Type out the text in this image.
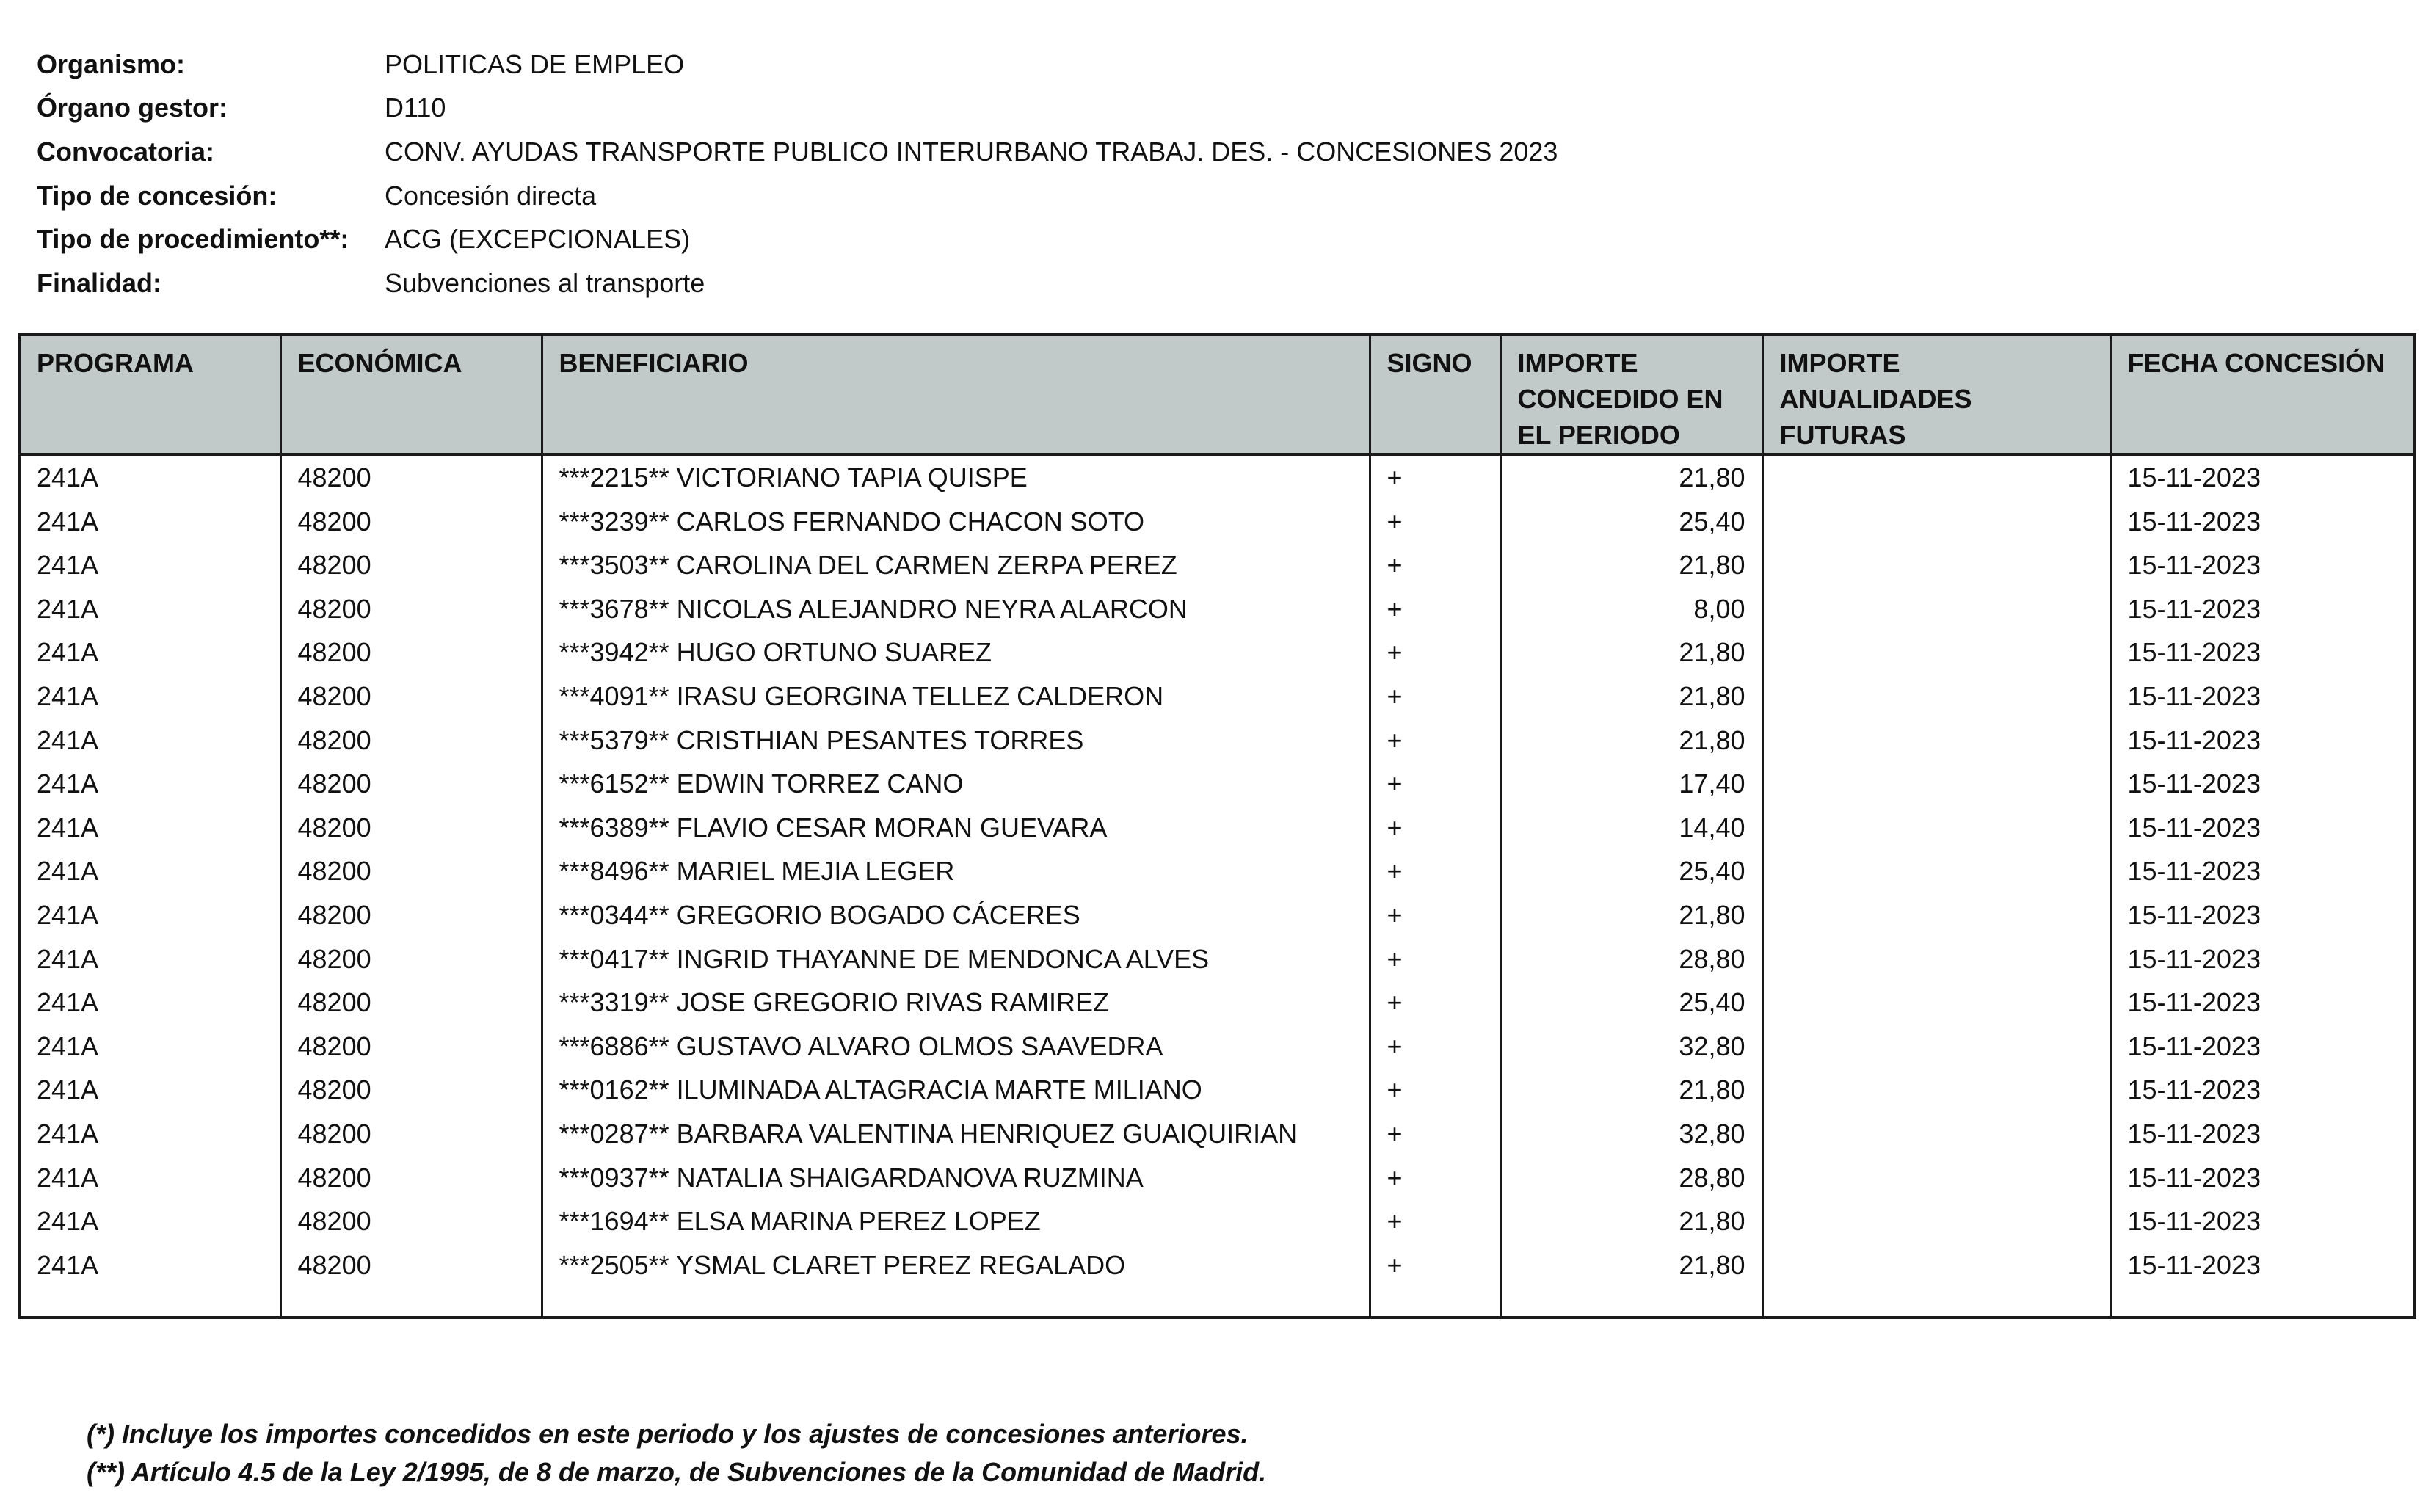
Organismo:	POLITICAS DE EMPLEO
Órgano gestor:	D110
Convocatoria:	CONV. AYUDAS TRANSPORTE PUBLICO INTERURBANO TRABAJ. DES. - CONCESIONES 2023
Tipo de concesión:	Concesión directa
Tipo de procedimiento**:	ACG (EXCEPCIONALES)
Finalidad:	Subvenciones al transporte
PROGRAMA	ECONÓMICA	BENEFICIARIO	SIGNO	IMPORTE CONCEDIDO EN EL PERIODO	IMPORTE ANUALIDADES FUTURAS	FECHA CONCESIÓN
241A	48200	***2215** VICTORIANO TAPIA QUISPE	+	21,80		15-11-2023
241A	48200	***3239** CARLOS FERNANDO CHACON SOTO	+	25,40		15-11-2023
241A	48200	***3503** CAROLINA DEL CARMEN ZERPA PEREZ	+	21,80		15-11-2023
241A	48200	***3678** NICOLAS ALEJANDRO NEYRA ALARCON	+	8,00		15-11-2023
241A	48200	***3942** HUGO ORTUNO SUAREZ	+	21,80		15-11-2023
241A	48200	***4091** IRASU GEORGINA TELLEZ CALDERON	+	21,80		15-11-2023
241A	48200	***5379** CRISTHIAN PESANTES TORRES	+	21,80		15-11-2023
241A	48200	***6152** EDWIN TORREZ CANO	+	17,40		15-11-2023
241A	48200	***6389** FLAVIO CESAR MORAN GUEVARA	+	14,40		15-11-2023
241A	48200	***8496** MARIEL MEJIA LEGER	+	25,40		15-11-2023
241A	48200	***0344** GREGORIO BOGADO CÁCERES	+	21,80		15-11-2023
241A	48200	***0417** INGRID THAYANNE DE MENDONCA ALVES	+	28,80		15-11-2023
241A	48200	***3319** JOSE GREGORIO RIVAS RAMIREZ	+	25,40		15-11-2023
241A	48200	***6886** GUSTAVO ALVARO OLMOS SAAVEDRA	+	32,80		15-11-2023
241A	48200	***0162** ILUMINADA ALTAGRACIA MARTE MILIANO	+	21,80		15-11-2023
241A	48200	***0287** BARBARA VALENTINA HENRIQUEZ GUAIQUIRIAN	+	32,80		15-11-2023
241A	48200	***0937** NATALIA SHAIGARDANOVA RUZMINA	+	28,80		15-11-2023
241A	48200	***1694** ELSA MARINA PEREZ LOPEZ	+	21,80		15-11-2023
241A	48200	***2505** YSMAL CLARET PEREZ REGALADO	+	21,80		15-11-2023

(*) Incluye los importes concedidos en este periodo y los ajustes de concesiones anteriores.
(**) Artículo 4.5 de la Ley 2/1995, de 8 de marzo, de Subvenciones de la Comunidad de Madrid.
